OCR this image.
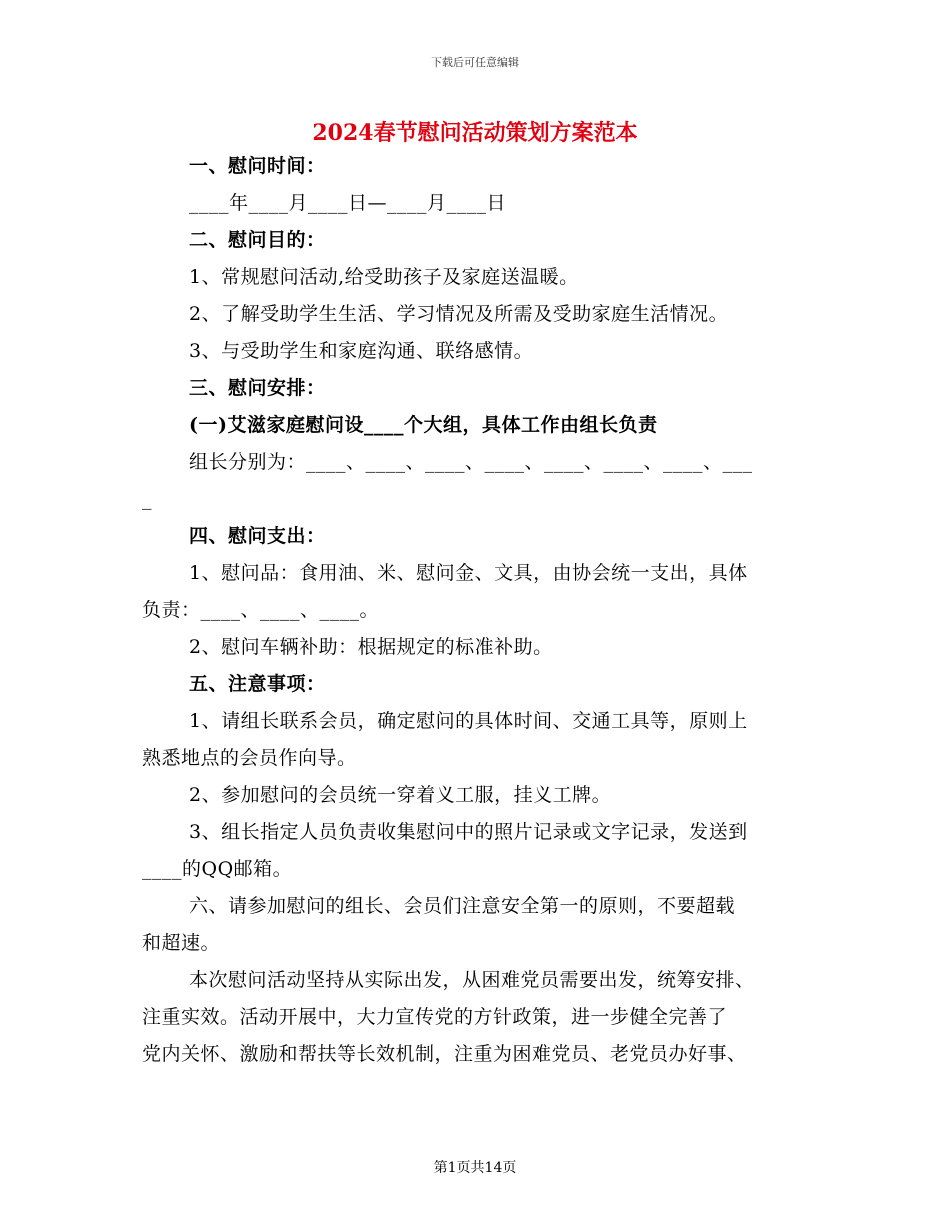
下载后可任意编辑
2024春节慰问活动策划方案范本
一、慰问时间：
____年____月____日—____月____日
二、慰问目的：
1、常规慰问活动,给受助孩子及家庭送温暖。
2、了解受助学生生活、学习情况及所需及受助家庭生活情况。
3、与受助学生和家庭沟通、联络感情。
三、慰问安排：
(一)艾滋家庭慰问设____个大组，具体工作由组长负责
组长分别为：____、____、____、____、____、____、____、___
_
四、慰问支出：
1、慰问品：食用油、米、慰问金、文具，由协会统一支出，具体
负责：____、____、____。
2、慰问车辆补助：根据规定的标准补助。
五、注意事项：
1、请组长联系会员，确定慰问的具体时间、交通工具等，原则上
熟悉地点的会员作向导。
2、参加慰问的会员统一穿着义工服，挂义工牌。
3、组长指定人员负责收集慰问中的照片记录或文字记录，发送到
____的QQ邮箱。
六、请参加慰问的组长、会员们注意安全第一的原则，不要超载
和超速。
本次慰问活动坚持从实际出发，从困难党员需要出发，统筹安排、
注重实效。活动开展中，大力宣传党的方针政策，进一步健全完善了
党内关怀、激励和帮扶等长效机制，注重为困难党员、老党员办好事、
第1页共14页
